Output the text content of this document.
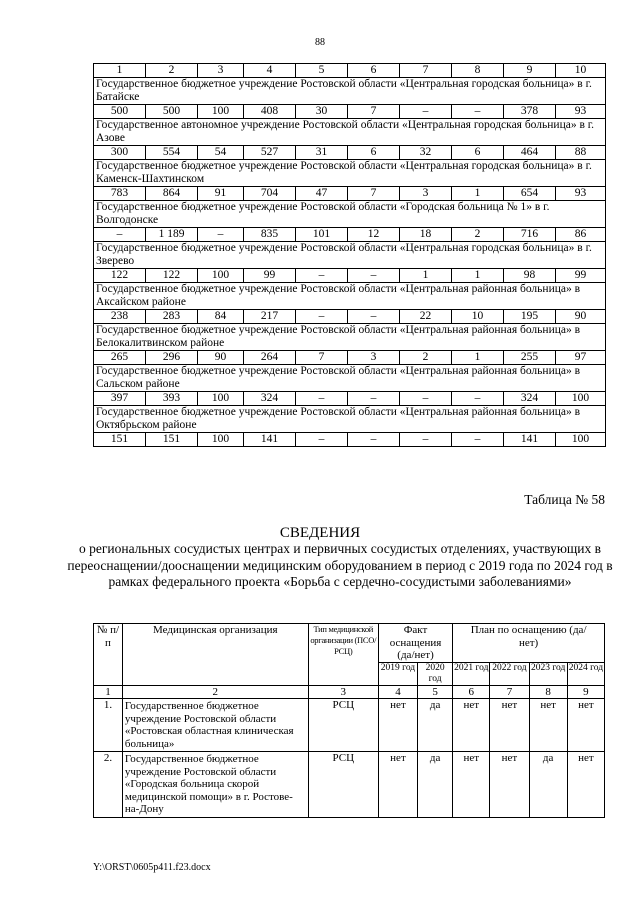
88
1	2	3	4	5	6	7	8	9	10
Государственное бюджетное учреждение Ростовской области «Центральная городская больница» в г. Батайске									
500	500	100	408	30	7	–	–	378	93
Государственное автономное учреждение Ростовской области «Центральная городская больница» в г. Азове									
300	554	54	527	31	6	32	6	464	88
Государственное бюджетное учреждение Ростовской области «Центральная городская больница» в г. Каменск-Шахтинском									
783	864	91	704	47	7	3	1	654	93
Государственное бюджетное учреждение Ростовской области «Городская больница № 1» в г. Волгодонске									
–	1 189	–	835	101	12	18	2	716	86
Государственное бюджетное учреждение Ростовской области «Центральная городская больница» в г. Зверево									
122	122	100	99	–	–	1	1	98	99
Государственное бюджетное учреждение Ростовской области «Центральная районная больница» в Аксайском районе									
238	283	84	217	–	–	22	10	195	90
Государственное бюджетное учреждение Ростовской области «Центральная районная больница» в Белокалитвинском районе									
265	296	90	264	7	3	2	1	255	97
Государственное бюджетное учреждение Ростовской области «Центральная районная больница» в Сальском районе									
397	393	100	324	–	–	–	–	324	100
Государственное бюджетное учреждение Ростовской области «Центральная районная больница» в Октябрьском районе									
151	151	100	141	–	–	–	–	141	100
Таблица № 58
СВЕДЕНИЯ
о региональных сосудистых центрах и первичных сосудистых отделениях, участвующих в переоснащении/дооснащении медицинским оборудованием в период с 2019 года по 2024 год в рамках федерального проекта «Борьба с сердечно-сосудистыми заболеваниями»
№ п/п	Медицинская организация	Тип медицинской организации (ПСО/РСЦ)	Факт оснащения (да/нет)		План по оснащению (да/нет)			
			2019 год	2020 год	2021 год	2022 год	2023 год	2024 год
1	2	3	4	5	6	7	8	9
1.	Государственное бюджетное учреждение Ростовской области «Ростовская областная клиническая больница»	РСЦ	нет	да	нет	нет	нет	нет
2.	Государственное бюджетное учреждение Ростовской области «Городская больница скорой медицинской помощи» в г. Ростове-на-Дону	РСЦ	нет	да	нет	нет	да	нет
Y:\ORST\0605p411.f23.docx
